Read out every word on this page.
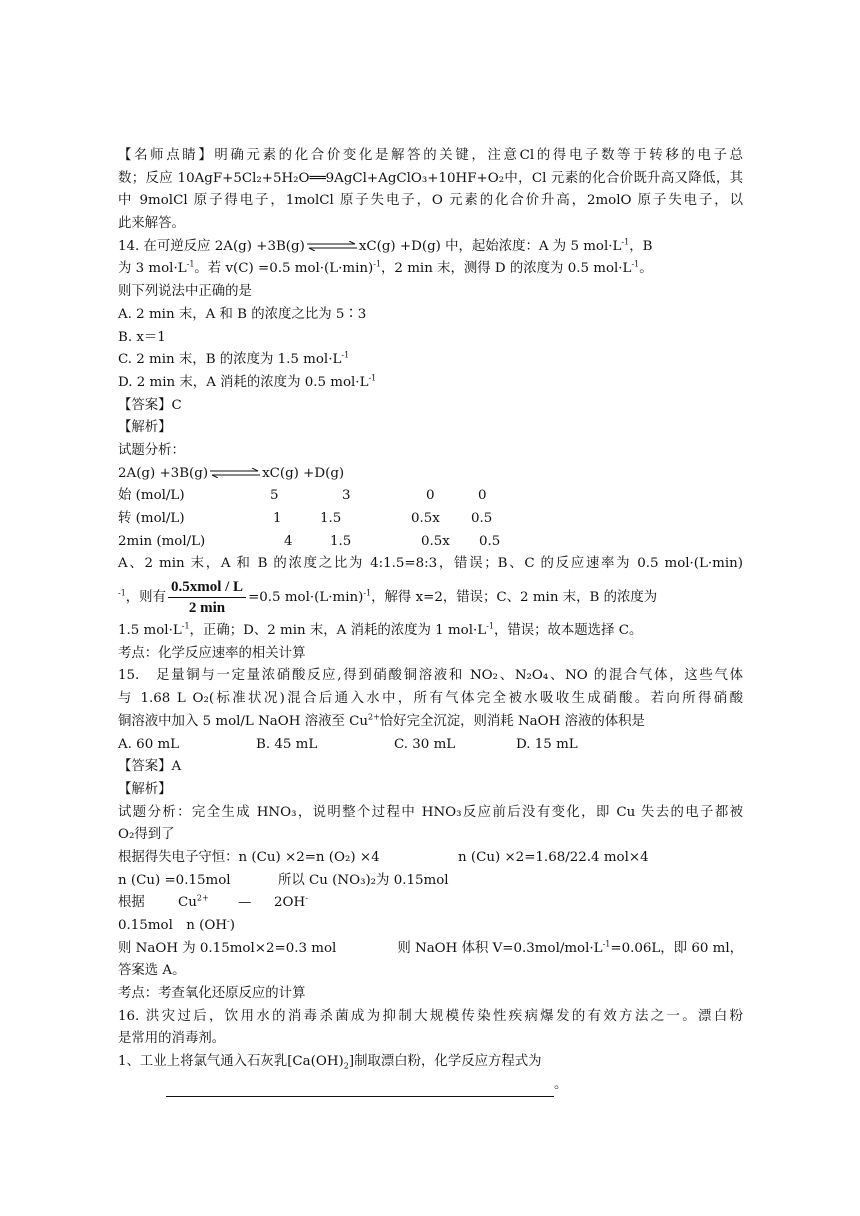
【名师点睛】明确元素的化合价变化是解答的关键，注意Cl的得电子数等于转移的电子总
数；反应 10AgF+5Cl₂+5H₂O══9AgCl+AgClO₃+10HF+O₂中，Cl 元素的化合价既升高又降低，其
中 9molCl 原子得电子，1molCl 原子失电子，O 元素的化合价升高，2molO 原子失电子，以
此来解答。
14. 在可逆反应 2A(g) +3B(g) ⇌ xC(g) +D(g) 中，起始浓度：A 为 5 $mol\cdot L^{-1}$，B
为 3 $mol\cdot L^{-1}$。若 v(C) =0.5 $mol\cdot(L\cdot\min)^{-1}$，2 min 末，测得 D 的浓度为 0.5 $mol\cdot L^{-1}$。
则下列说法中正确的是
A. 2 min 末，A 和 B 的浓度之比为 5∶3
B. x＝1
C. 2 min 末，B 的浓度为 1.5 $mol\cdot L^{-1}$
D. 2 min 末，A 消耗的浓度为 0.5 $mol\cdot L^{-1}$
【答案】C
【解析】
试题分析：
2A(g) +3B(g) ⇌ xC(g) +D(g)
始 (mol/L)	5	3	0	0
转 (mol/L)	1	1.5	0.5x 0.5
2min (mol/L)	4	1.5	0.5x 0.5
A、2 min 末，A 和 B 的浓度之比为 4:1.5=8:3，错误；B、C 的反应速率为 0.5 mol·(L·min)
$^{-1}$，则有 $\frac{\text{0.5xmol / L}}{2 \min} =0.5$ $mol\cdot(L\cdot\min)^{-1}$，解得 x=2，错误；C、2 min 末，B 的浓度为
1.5 $mol\cdot L^{-1}$，正确；D、2 min 末，A 消耗的浓度为 1 $mol\cdot L^{-1}$，错误；故本题选择 C。
考点：化学反应速率的相关计算
15.　足量铜与一定量浓硝酸反应,得到硝酸铜溶液和 NO₂、N₂O₄、NO 的混合气体，这些气体
与 1.68 L O₂(标准状况)混合后通入水中，所有气体完全被水吸收生成硝酸。若向所得硝酸
铜溶液中加入 5 mol/L NaOH 溶液至 $Cu^{2+}$恰好完全沉淀，则消耗 NaOH 溶液的体积是
A. 60 mL	B. 45 mL	C. 30 mL	D. 15 mL
【答案】A
【解析】
试题分析：完全生成 HNO₃，说明整个过程中 HNO₃反应前后没有变化，即 Cu 失去的电子都被
O₂得到了
根据得失电子守恒：n (Cu) ×2=n (O₂) ×4	n (Cu) ×2=1.68/22.4 mol×4
n (Cu) =0.15mol	所以 Cu (NO₃)₂为 0.15mol
根据 $Cu^{2+}$ — 2OH-
0.15mol　n (OH-)
则 NaOH 为 0.15mol×2=0.3 mol	则 NaOH 体积 $V=0.3mol/mol\cdot L^{-1}=0.06L$，即 60 ml，
答案选 A。
考点：考查氧化还原反应的计算
16. 洪灾过后，饮用水的消毒杀菌成为抑制大规模传染性疾病爆发的有效方法之一。漂白粉
是常用的消毒剂。
1、工业上将氯气通入石灰乳$[Ca(OH)_2]$制取漂白粉，化学反应方程式为
。
